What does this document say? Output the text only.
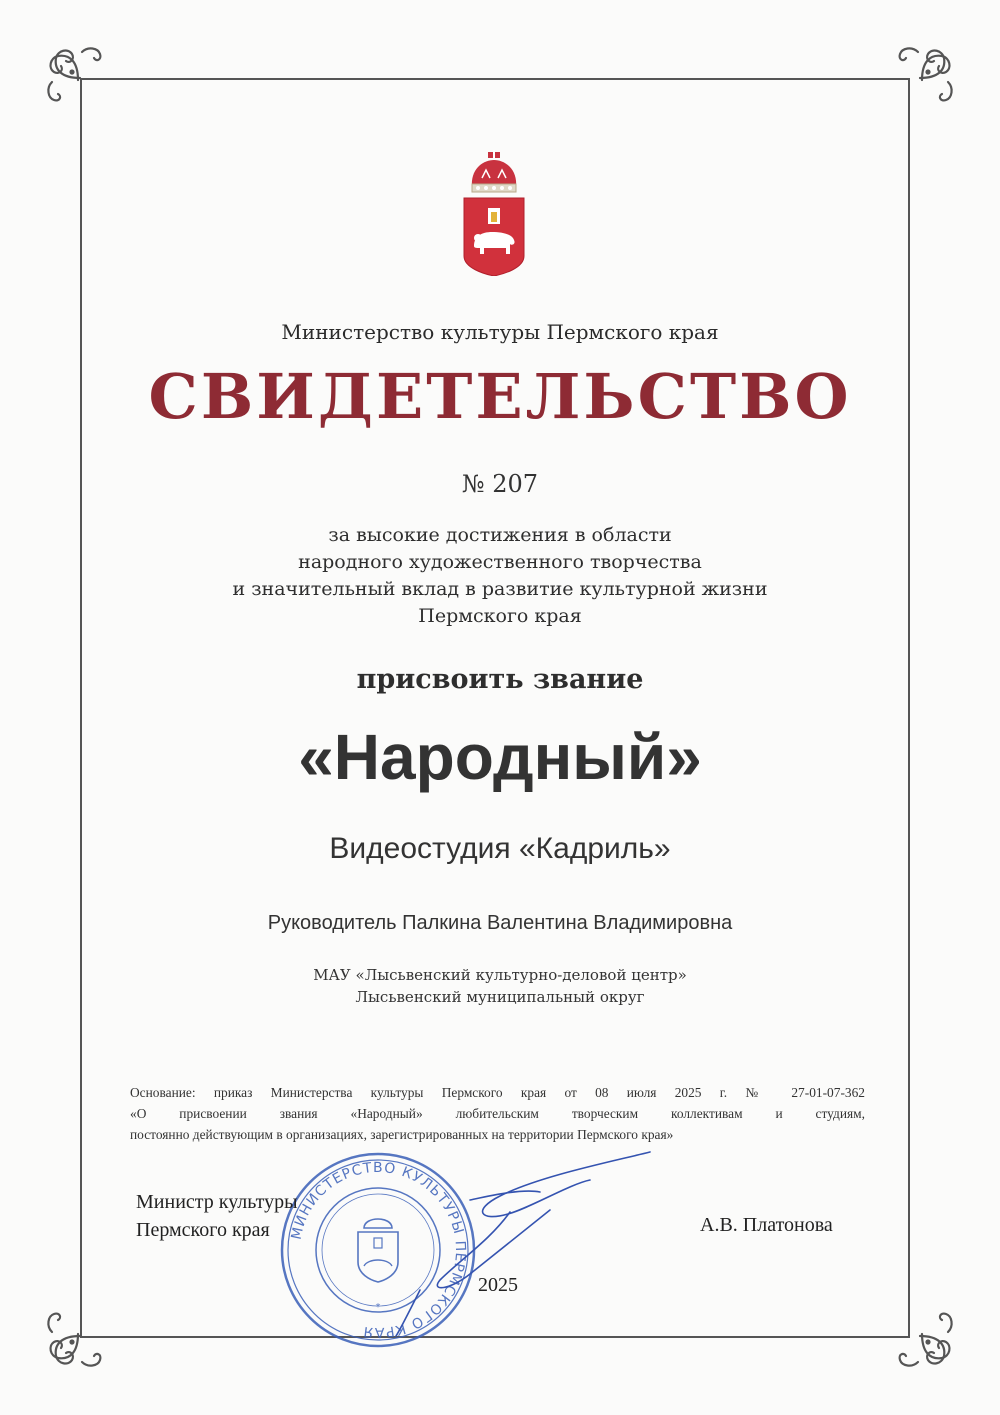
Министерство культуры Пермского края
СВИДЕТЕЛЬСТВО
№ 207
за высокие достижения в области
народного художественного творчества
и значительный вклад в развитие культурной жизни
Пермского края
присвоить звание
«Народный»
Видеостудия «Кадриль»
Руководитель Палкина Валентина Владимировна
МАУ «Лысьвенский культурно-деловой центр»
Лысьвенский муниципальный округ
Основание: приказ Министерства культуры Пермского края от 08 июля 2025 г. № 27-01-07-362
«О присвоении звания «Народный» любительским творческим коллективам и студиям,
постоянно действующим в организациях, зарегистрированных на территории Пермского края»
МИНИСТЕРСТВО КУЛЬТУРЫ ПЕРМСКОГО КРАЯ
*
Министр культуры
Пермского края	А.В. Платонова
2025
